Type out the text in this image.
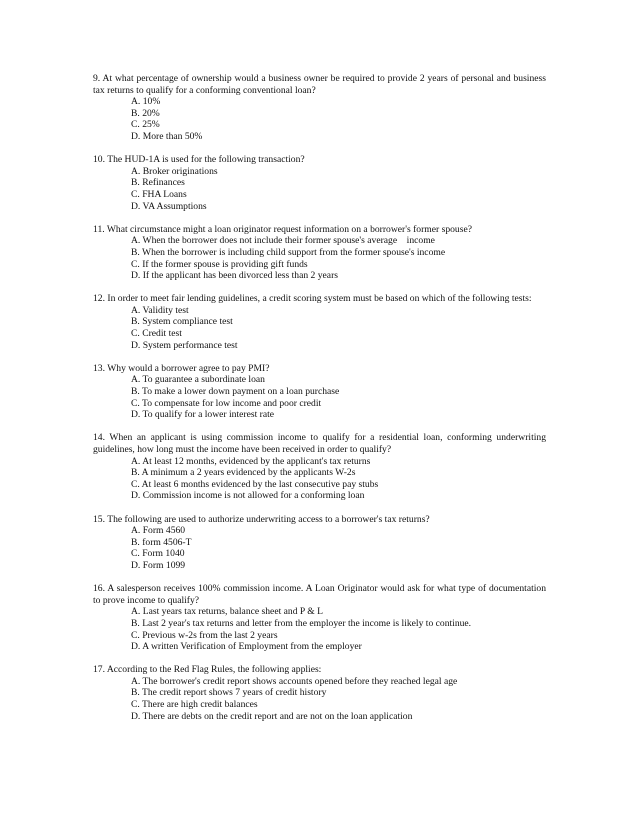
9. At what percentage of ownership would a business owner be required to provide 2 years of personal and business tax returns to qualify for a conforming conventional loan?
A. 10%
B. 20%
C. 25%
D. More than 50%
10. The HUD-1A is used for the following transaction?
A. Broker originations
B. Refinances
C. FHA Loans
D. VA Assumptions
11. What circumstance might a loan originator request information on a borrower's former spouse?
A. When the borrower does not include their former spouse's average    income
B. When the borrower is including child support from the former spouse's income
C. If the former spouse is providing gift funds
D. If the applicant has been divorced less than 2 years
12. In order to meet fair lending guidelines, a credit scoring system must be based on which of the following tests:
A. Validity test
B. System compliance test
C. Credit test
D. System performance test
13. Why would a borrower agree to pay PMI?
A. To guarantee a subordinate loan
B. To make a lower down payment on a loan purchase
C. To compensate for low income and poor credit
D. To qualify for a lower interest rate
14. When an applicant is using commission income to qualify for a residential loan, conforming underwriting guidelines, how long must the income have been received in order to qualify?
A. At least 12 months, evidenced by the applicant's tax returns
B. A minimum a 2 years evidenced by the applicants W-2s
C. At least 6 months evidenced by the last consecutive pay stubs
D. Commission income is not allowed for a conforming loan
15. The following are used to authorize underwriting access to a borrower's tax returns?
A. Form 4560
B. form 4506-T
C. Form 1040
D. Form 1099
16. A salesperson receives 100% commission income. A Loan Originator would ask for what type of documentation to prove income to qualify?
A. Last years tax returns, balance sheet and P & L
B. Last 2 year's tax returns and letter from the employer the income is likely to continue.
C. Previous w-2s from the last 2 years
D. A written Verification of Employment from the employer
17. According to the Red Flag Rules, the following applies:
A. The borrower's credit report shows accounts opened before they reached legal age
B. The credit report shows 7 years of credit history
C. There are high credit balances
D. There are debts on the credit report and are not on the loan application
